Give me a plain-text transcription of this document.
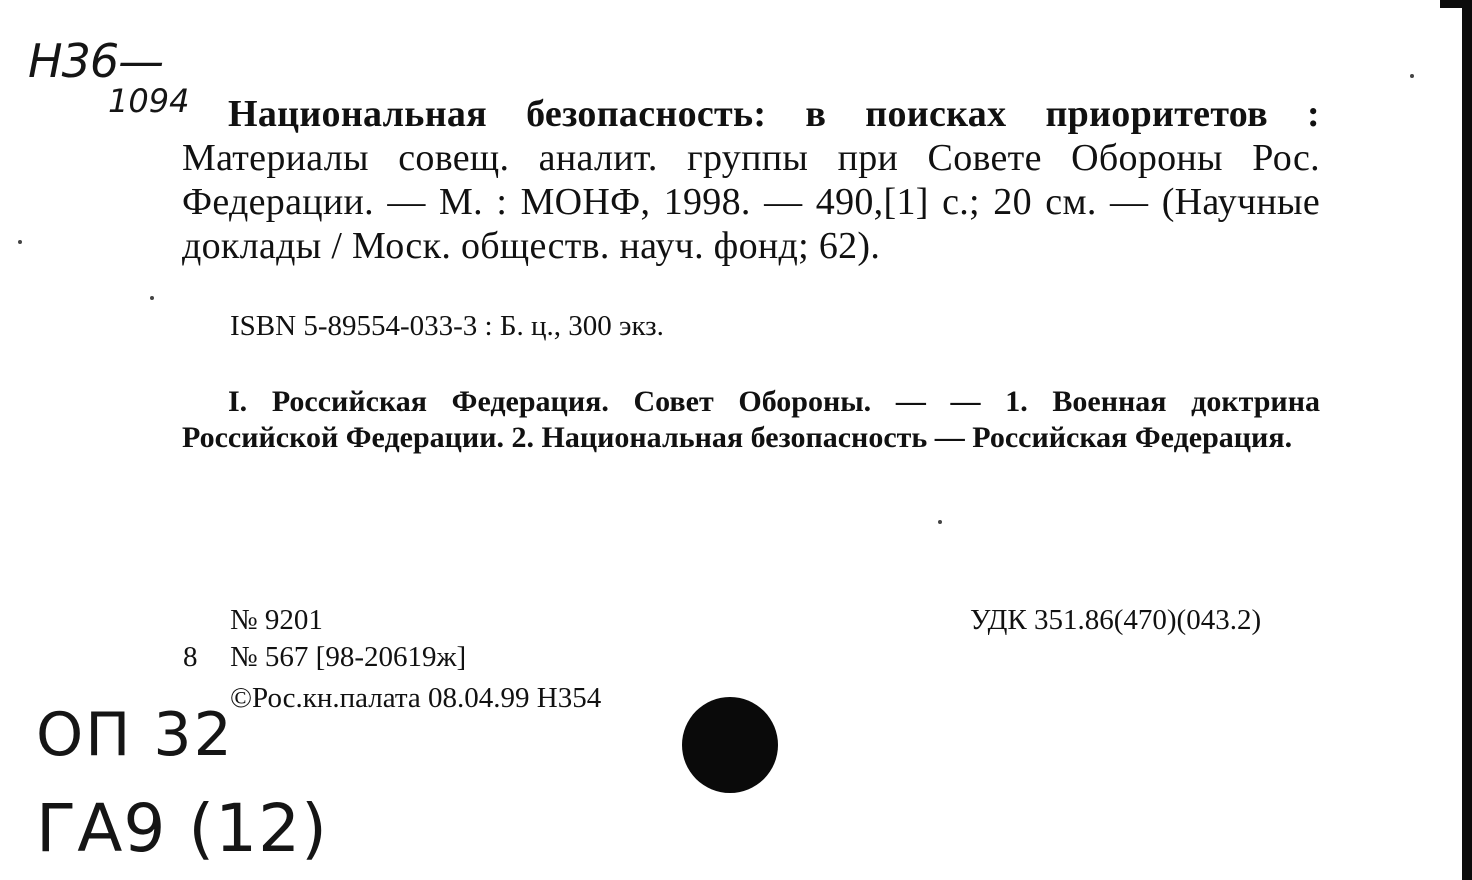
Н36—
1094	Национальная безопасность: в поисках приоритетов : Материалы совещ. аналит. группы при Совете Обороны Рос. Федерации. — М. : МОНФ, 1998. — 490,[1] с.; 20 см. — (Научные доклады / Моск. обществ. науч. фонд; 62).
ISBN 5-89554-033-3 : Б. ц., 300 экз.
I. Российская Федерация. Совет Обороны. — — 1. Военная доктрина Российской Федерации. 2. Национальная безопасность — Российская Федерация.
№ 9201	УДК 351.86(470)(043.2)
8 № 567 [98-20619ж]
©Рос.кн.палата 08.04.99 Н354
ОП 32
ГА9 (12)
